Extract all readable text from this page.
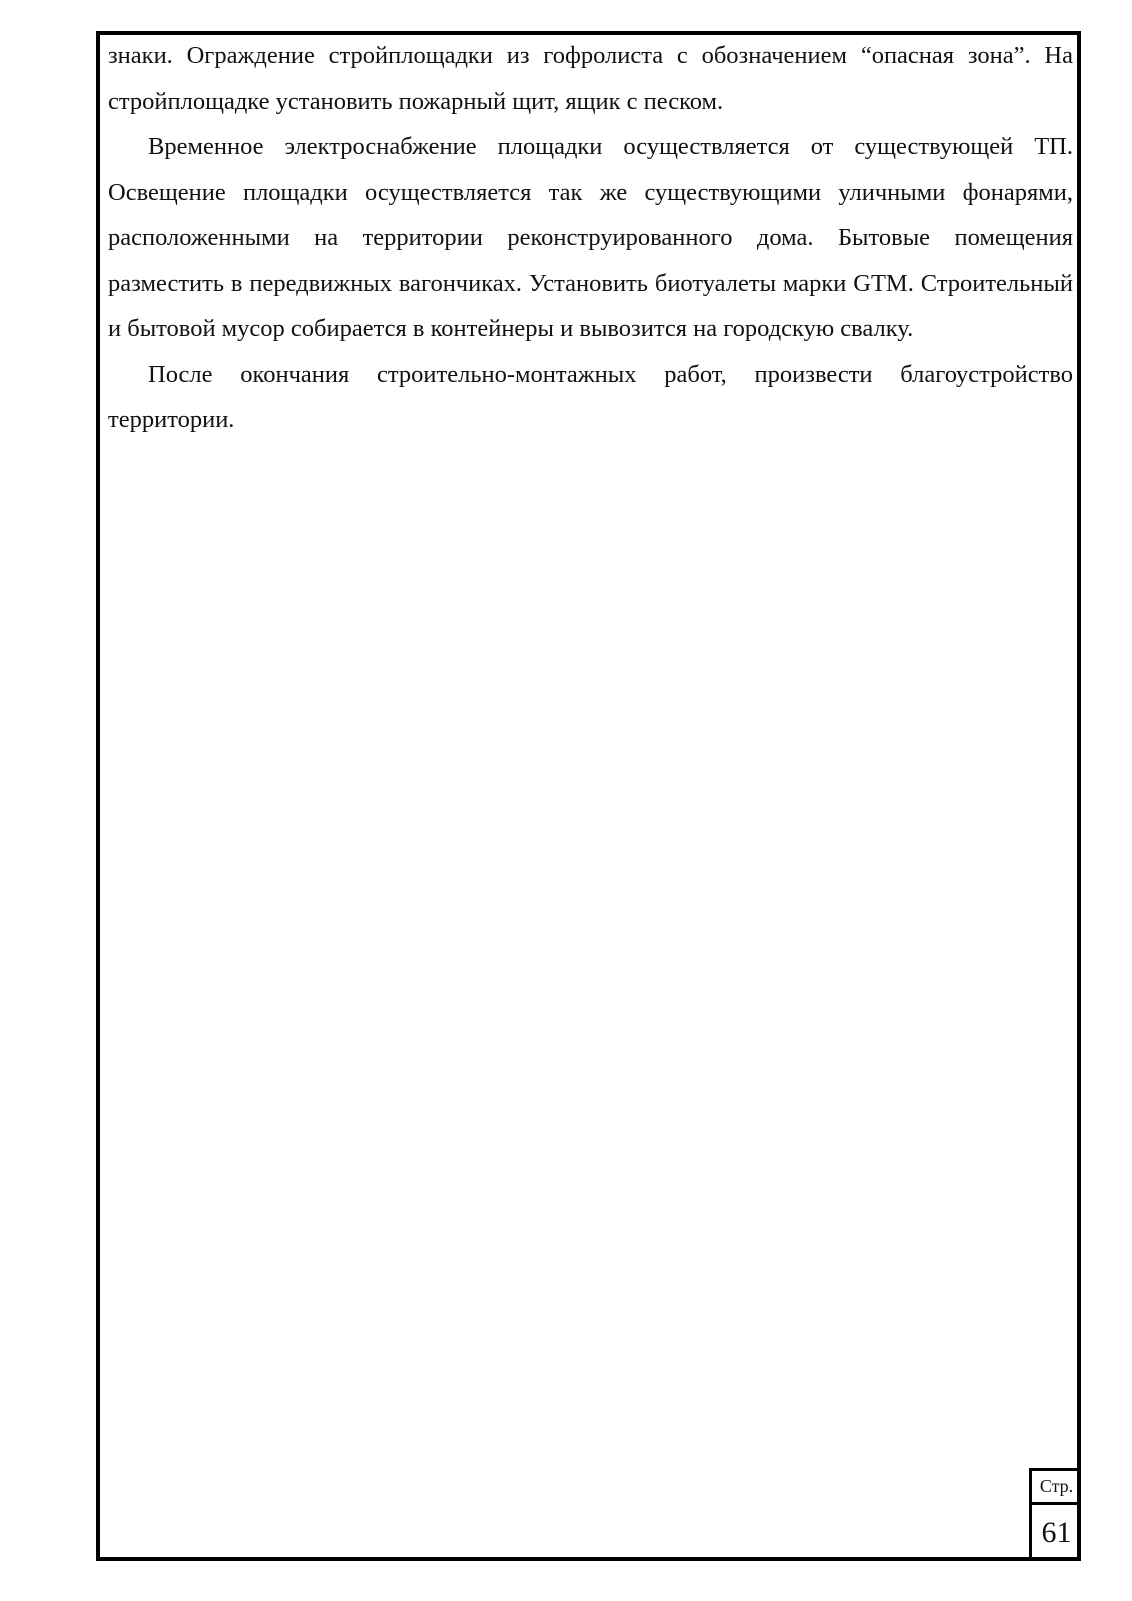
знаки. Ограждение стройплощадки из гофролиста с обозначением “опасная зона”. На стройплощадке установить пожарный щит, ящик с песком.

Временное электроснабжение площадки осуществляется от существующей ТП. Освещение площадки осуществляется так же существующими уличными фонарями, расположенными на территории реконструированного дома. Бытовые помещения разместить в передвижных вагончиках. Установить биотуалеты марки GTM. Строительный и бытовой мусор собирается в контейнеры и вывозится на городскую свалку.

После окончания строительно-монтажных работ, произвести благоустройство территории.

Стр.
61
